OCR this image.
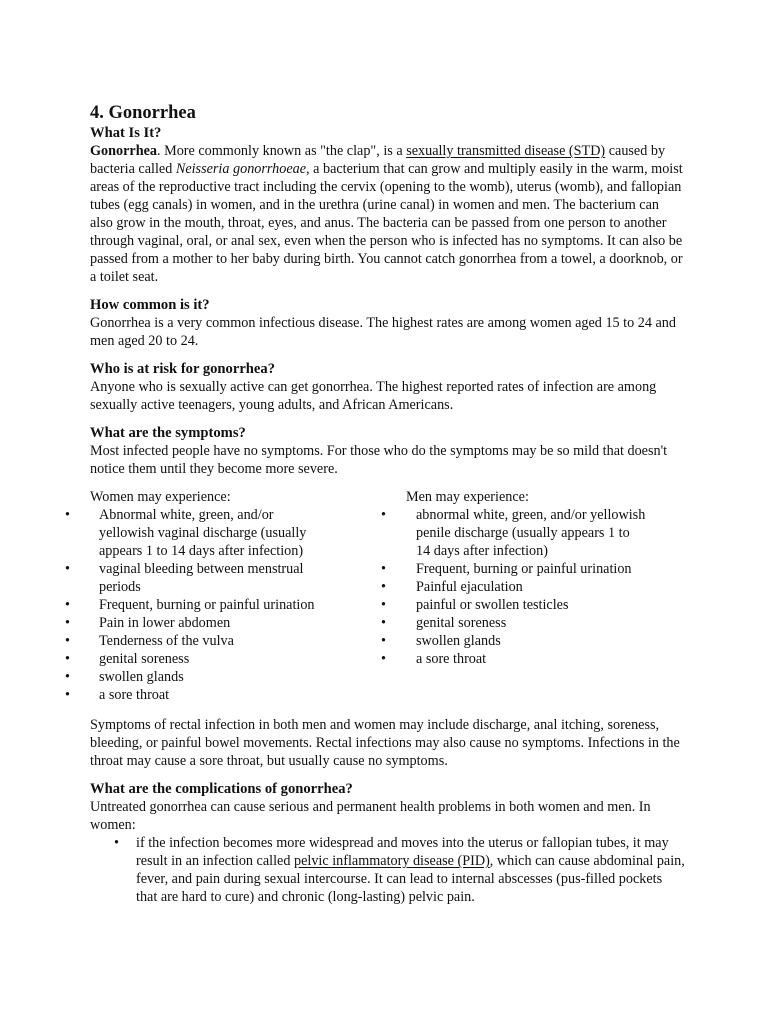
4. Gonorrhea
What Is It?

Gonorrhea. More commonly known as "the clap", is a sexually transmitted disease (STD) caused by bacteria called Neisseria gonorrhoeae, a bacterium that can grow and multiply easily in the warm, moist areas of the reproductive tract including the cervix (opening to the womb), uterus (womb), and fallopian tubes (egg canals) in women, and in the urethra (urine canal) in women and men. The bacterium can also grow in the mouth, throat, eyes, and anus. The bacteria can be passed from one person to another through vaginal, oral, or anal sex, even when the person who is infected has no symptoms. It can also be passed from a mother to her baby during birth. You cannot catch gonorrhea from a towel, a doorknob, or a toilet seat.

How common is it?

Gonorrhea is a very common infectious disease. The highest rates are among women aged 15 to 24 and men aged 20 to 24.

Who is at risk for gonorrhea?

Anyone who is sexually active can get gonorrhea. The highest reported rates of infection are among sexually active teenagers, young adults, and African Americans.

What are the symptoms?

Most infected people have no symptoms. For those who do the symptoms may be so mild that doesn't notice them until they become more severe.

Women may experience:

• Abnormal white, green, and/or yellowish vaginal discharge (usually appears 1 to 14 days after infection)
• vaginal bleeding between menstrual periods
• Frequent, burning or painful urination
• Pain in lower abdomen
• Tenderness of the vulva
• genital soreness
• swollen glands
• a sore throat

Men may experience:

• abnormal white, green, and/or yellowish penile discharge (usually appears 1 to 14 days after infection)
• Frequent, burning or painful urination
• Painful ejaculation
• painful or swollen testicles
• genital soreness
• swollen glands
• a sore throat

Symptoms of rectal infection in both men and women may include discharge, anal itching, soreness, bleeding, or painful bowel movements. Rectal infections may also cause no symptoms. Infections in the throat may cause a sore throat, but usually cause no symptoms.

What are the complications of gonorrhea?

Untreated gonorrhea can cause serious and permanent health problems in both women and men. In women:

• if the infection becomes more widespread and moves into the uterus or fallopian tubes, it may result in an infection called pelvic inflammatory disease (PID), which can cause abdominal pain, fever, and pain during sexual intercourse. It can lead to internal abscesses (pus-filled pockets that are hard to cure) and chronic (long-lasting) pelvic pain.
